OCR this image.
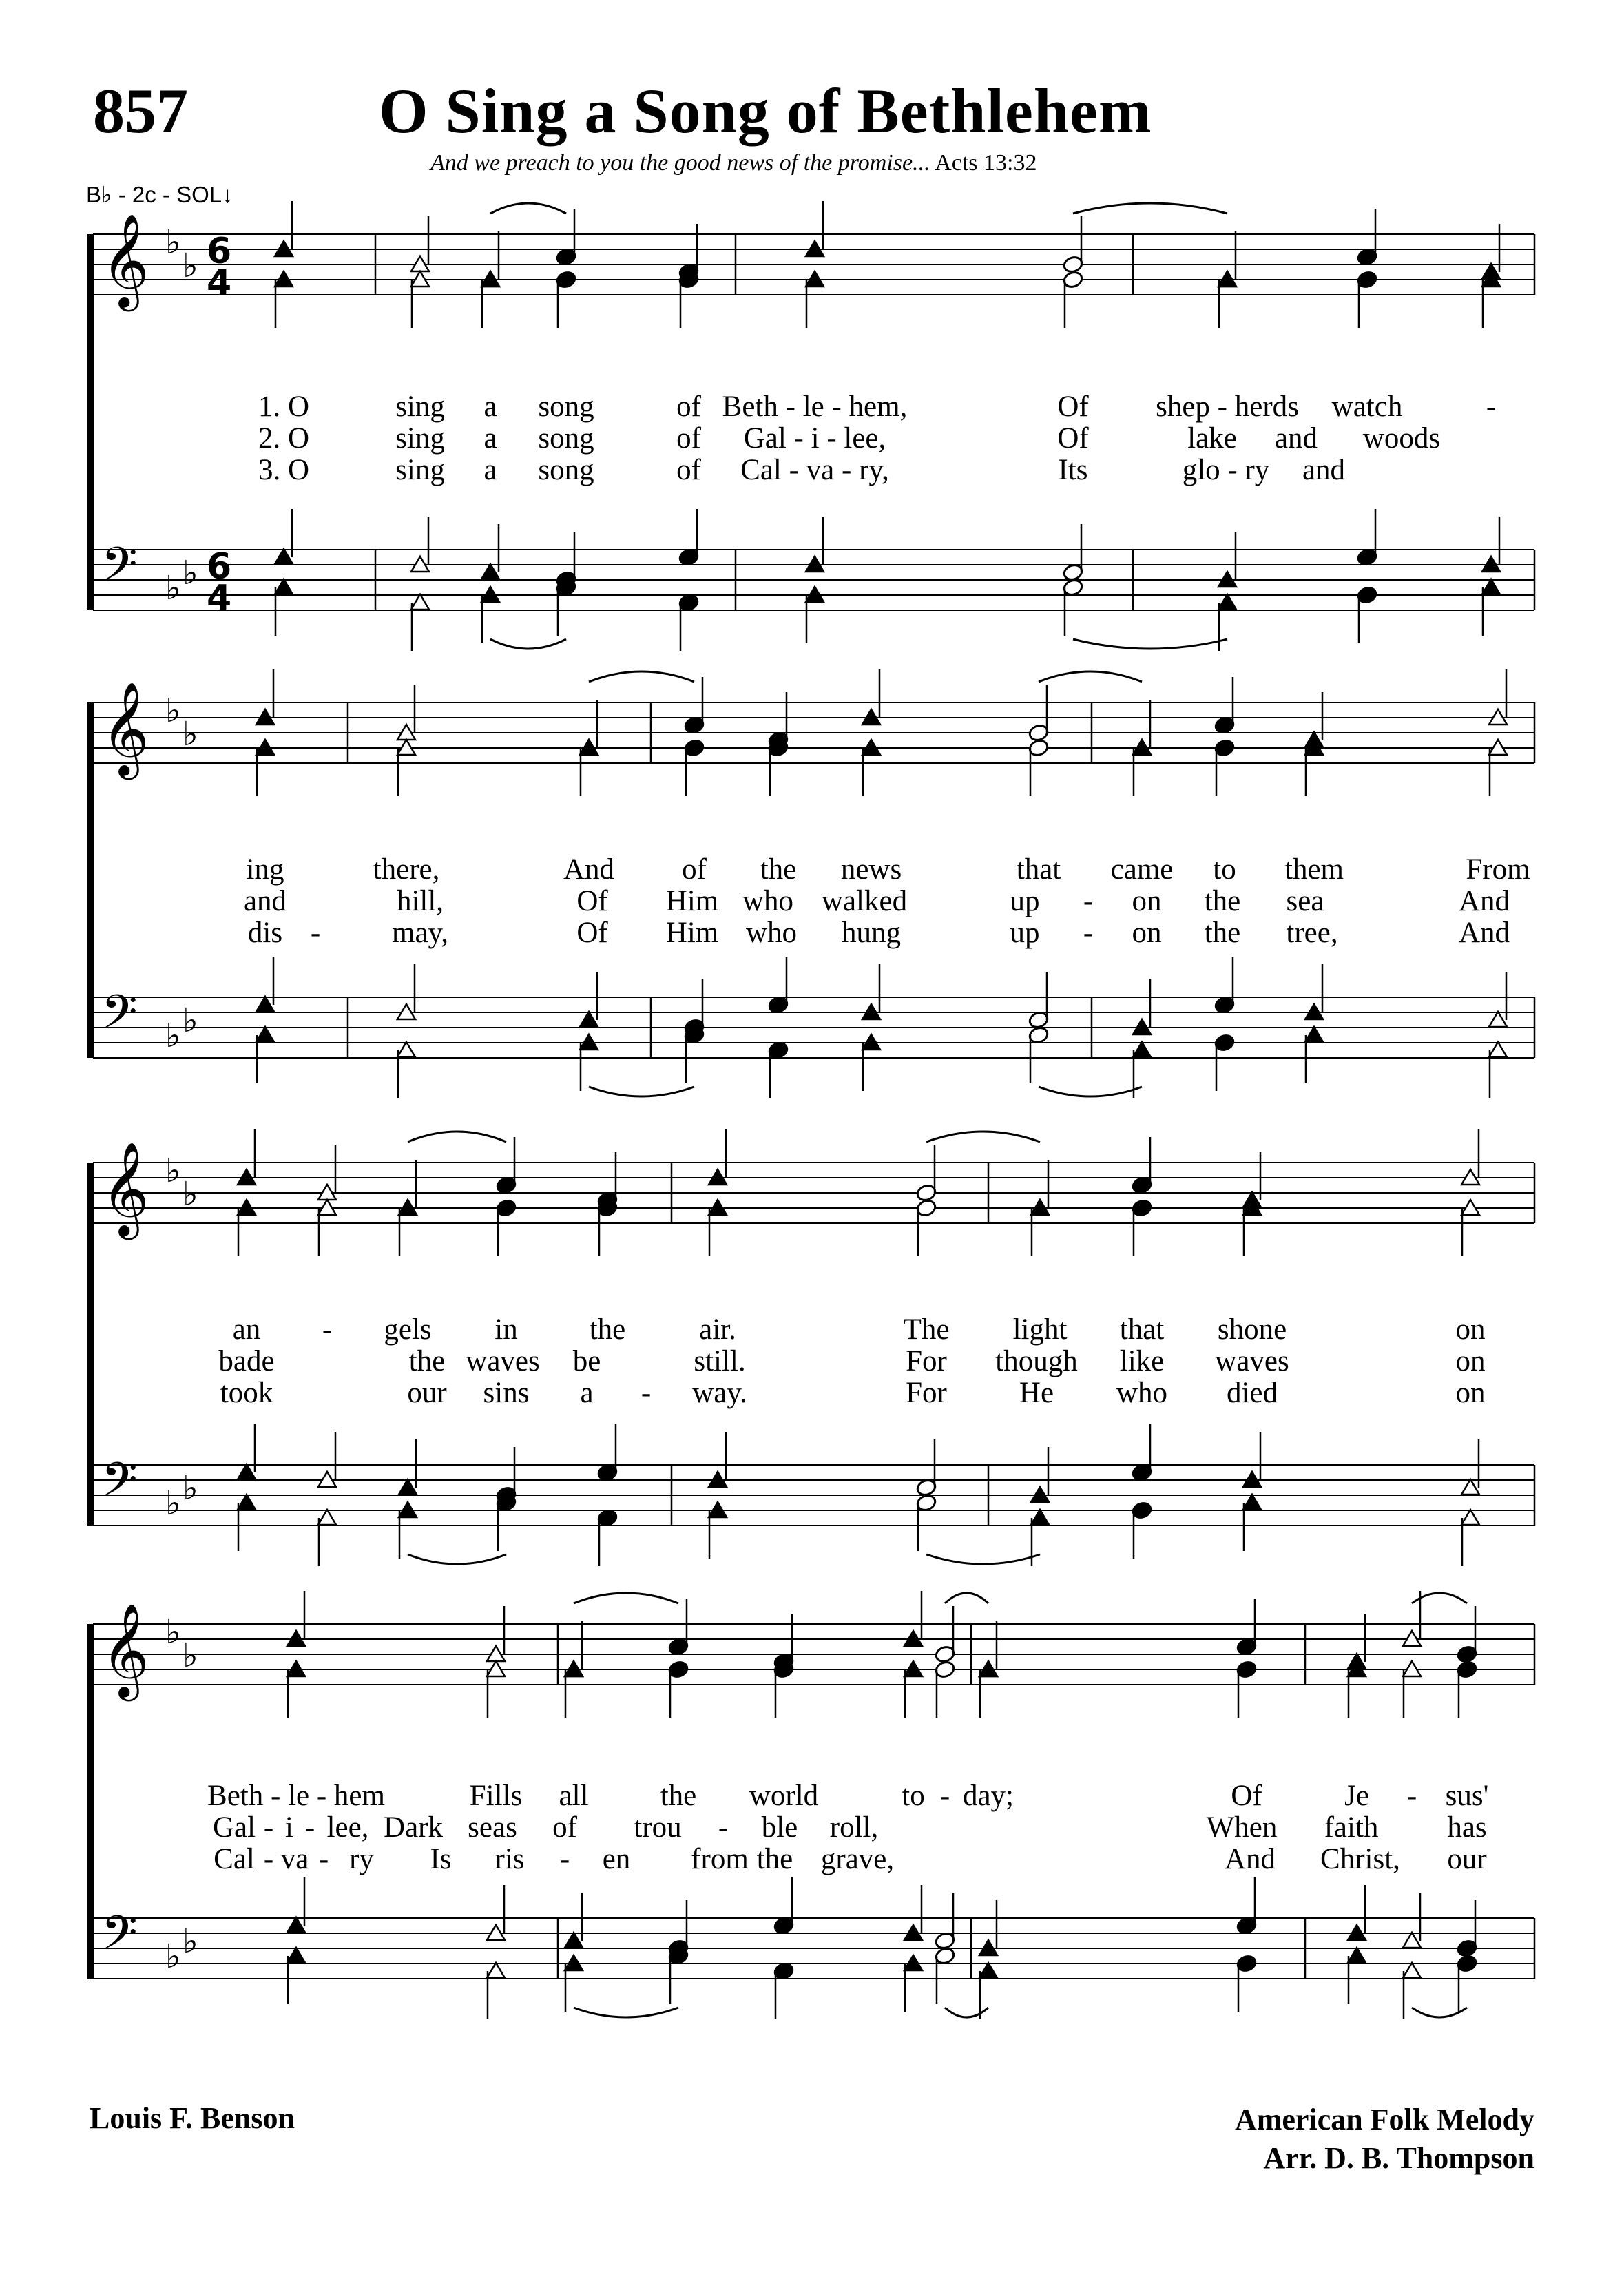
857	O Sing a Song of Bethlehem
And we preach to you the good news of the promise... Acts 13:32
B♭ - 2c - SOL↓
𝄞
𝄢
♭
♭
♭ ♭
6
4
6
4
𝄞
𝄢
♭
♭
♭ ♭
𝄞
𝄢
♭
♭
♭ ♭
𝄞
𝄢
♭
♭
♭ ♭
1. O	sing a song	of Beth - le - hem,	Of shep - herds watch	-
2. O	sing a song	of Gal - i - lee,	Of	lake and woods
3. O	sing a song	of Cal - va - ry,	Its	glo - ry and
ing	there,	And of the news	that came to them	From
and	hill,	Of Him who walked	up - on the sea	And
dis - may,	Of Him who hung	up - on the tree,	And
an - gels in the air.	The light that shone	on
bade	the waves be	still.	For though like waves	on
took	our sins a - way.	For He who died	on
Beth - le - hem	Fills all the world	to - day;	Of	Je - sus'
Gal - i - lee, Dark seas of trou - ble roll,	When faith has
Cal - va - ry Is ris - en from the grave,	And Christ, our
Louis F. Benson	American Folk Melody
Arr. D. B. Thompson
